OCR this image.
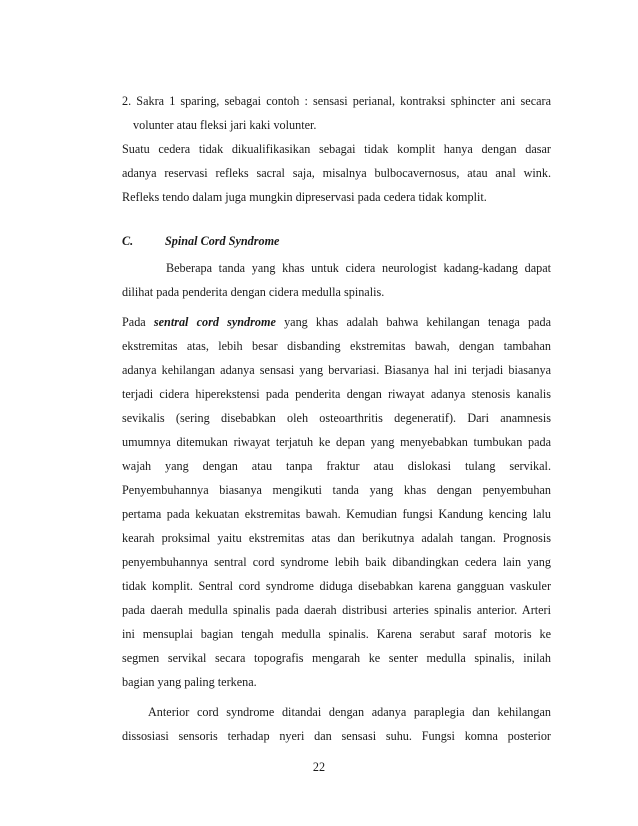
2. Sakra 1 sparing, sebagai contoh : sensasi perianal, kontraksi sphincter ani secara
volunter atau fleksi jari kaki volunter.
Suatu cedera tidak dikualifikasikan sebagai tidak komplit hanya dengan dasar
adanya reservasi refleks sacral saja, misalnya bulbocavernosus, atau anal wink.
Refleks tendo dalam juga mungkin dipreservasi pada cedera tidak komplit.
C.	Spinal Cord Syndrome
Beberapa tanda yang khas untuk cidera neurologist kadang-kadang dapat
dilihat pada penderita dengan cidera medulla spinalis.
Pada sentral cord syndrome yang khas adalah bahwa kehilangan tenaga pada
ekstremitas atas, lebih besar disbanding ekstremitas bawah, dengan tambahan
adanya kehilangan adanya sensasi yang bervariasi. Biasanya hal ini terjadi biasanya
terjadi cidera hiperekstensi pada penderita dengan riwayat adanya stenosis kanalis
sevikalis (sering disebabkan oleh osteoarthritis degeneratif). Dari anamnesis
umumnya ditemukan riwayat terjatuh ke depan yang menyebabkan tumbukan pada
wajah yang dengan atau tanpa fraktur atau dislokasi tulang servikal.
Penyembuhannya biasanya mengikuti tanda yang khas dengan penyembuhan
pertama pada kekuatan ekstremitas bawah. Kemudian fungsi Kandung kencing lalu
kearah proksimal yaitu ekstremitas atas dan berikutnya adalah tangan. Prognosis
penyembuhannya sentral cord syndrome lebih baik dibandingkan cedera lain yang
tidak komplit. Sentral cord syndrome diduga disebabkan karena gangguan vaskuler
pada daerah medulla spinalis pada daerah distribusi arteries spinalis anterior. Arteri
ini mensuplai bagian tengah medulla spinalis. Karena serabut saraf motoris ke
segmen servikal secara topografis mengarah ke senter medulla spinalis, inilah
bagian yang paling terkena.
Anterior cord syndrome ditandai dengan adanya paraplegia dan kehilangan
dissosiasi sensoris terhadap nyeri dan sensasi suhu. Fungsi komna posterior
22
